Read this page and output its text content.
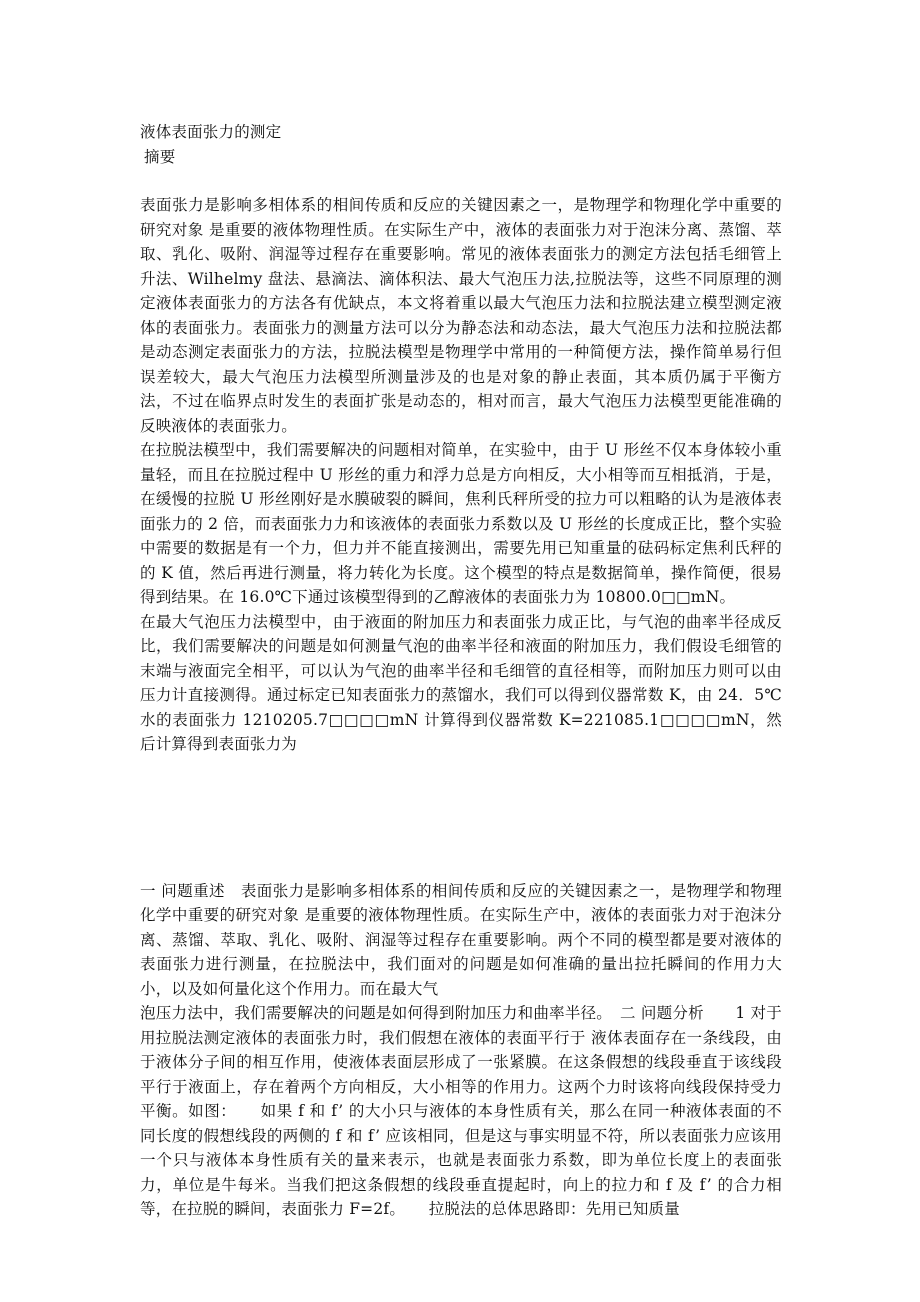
液体表面张力的测定
摘要

表面张力是影响多相体系的相间传质和反应的关键因素之一，是物理学和物理化学中重要的研究对象 是重要的液体物理性质。在实际生产中，液体的表面张力对于泡沫分离、蒸馏、萃取、乳化、吸附、润湿等过程存在重要影响。常见的液体表面张力的测定方法包括毛细管上升法、Wilhelmy 盘法、悬滴法、滴体积法、最大气泡压力法,拉脱法等，这些不同原理的测定液体表面张力的方法各有优缺点，本文将着重以最大气泡压力法和拉脱法建立模型测定液体的表面张力。表面张力的测量方法可以分为静态法和动态法，最大气泡压力法和拉脱法都是动态测定表面张力的方法，拉脱法模型是物理学中常用的一种简便方法，操作简单易行但误差较大，最大气泡压力法模型所测量涉及的也是对象的静止表面，其本质仍属于平衡方法，不过在临界点时发生的表面扩张是动态的，相对而言，最大气泡压力法模型更能准确的反映液体的表面张力。

在拉脱法模型中，我们需要解决的问题相对简单，在实验中，由于 U 形丝不仅本身体较小重量轻，而且在拉脱过程中 U 形丝的重力和浮力总是方向相反，大小相等而互相抵消，于是，在缓慢的拉脱 U 形丝刚好是水膜破裂的瞬间，焦利氏秤所受的拉力可以粗略的认为是液体表面张力的 2 倍，而表面张力力和该液体的表面张力系数以及 U 形丝的长度成正比，整个实验中需要的数据是有一个力，但力并不能直接测出，需要先用已知重量的砝码标定焦利氏秤的的 K 值，然后再进行测量，将力转化为长度。这个模型的特点是数据简单，操作简便，很易得到结果。在 16.0℃下通过该模型得到的乙醇液体的表面张力为 10800.0□□mN。

在最大气泡压力法模型中，由于液面的附加压力和表面张力成正比，与气泡的曲率半径成反比，我们需要解决的问题是如何测量气泡的曲率半径和液面的附加压力，我们假设毛细管的末端与液面完全相平，可以认为气泡的曲率半径和毛细管的直径相等，而附加压力则可以由压力计直接测得。通过标定已知表面张力的蒸馏水，我们可以得到仪器常数 K，由 24．5℃水的表面张力 1210205.7□□□□mN 计算得到仪器常数 K=221085.1□□□□mN，然后计算得到表面张力为

一 问题重述　表面张力是影响多相体系的相间传质和反应的关键因素之一，是物理学和物理化学中重要的研究对象 是重要的液体物理性质。在实际生产中，液体的表面张力对于泡沫分离、蒸馏、萃取、乳化、吸附、润湿等过程存在重要影响。两个不同的模型都是要对液体的表面张力进行测量，在拉脱法中，我们面对的问题是如何准确的量出拉托瞬间的作用力大小，以及如何量化这个作用力。而在最大气

泡压力法中，我们需要解决的问题是如何得到附加压力和曲率半径。　二 问题分析　　1 对于用拉脱法测定液体的表面张力时，我们假想在液体的表面平行于 液体表面存在一条线段，由于液体分子间的相互作用，使液体表面层形成了一张紧膜。在这条假想的线段垂直于该线段平行于液面上，存在着两个方向相反，大小相等的作用力。这两个力时该将向线段保持受力平衡。如图：　　如果 f 和 f’ 的大小只与液体的本身性质有关，那么在同一种液体表面的不同长度的假想线段的两侧的 f 和 f’ 应该相同，但是这与事实明显不符，所以表面张力应该用一个只与液体本身性质有关的量来表示，也就是表面张力系数，即为单位长度上的表面张力，单位是牛每米。当我们把这条假想的线段垂直提起时，向上的拉力和 f 及 f’ 的合力相等，在拉脱的瞬间，表面张力 F=2f。　　拉脱法的总体思路即：先用已知质量
